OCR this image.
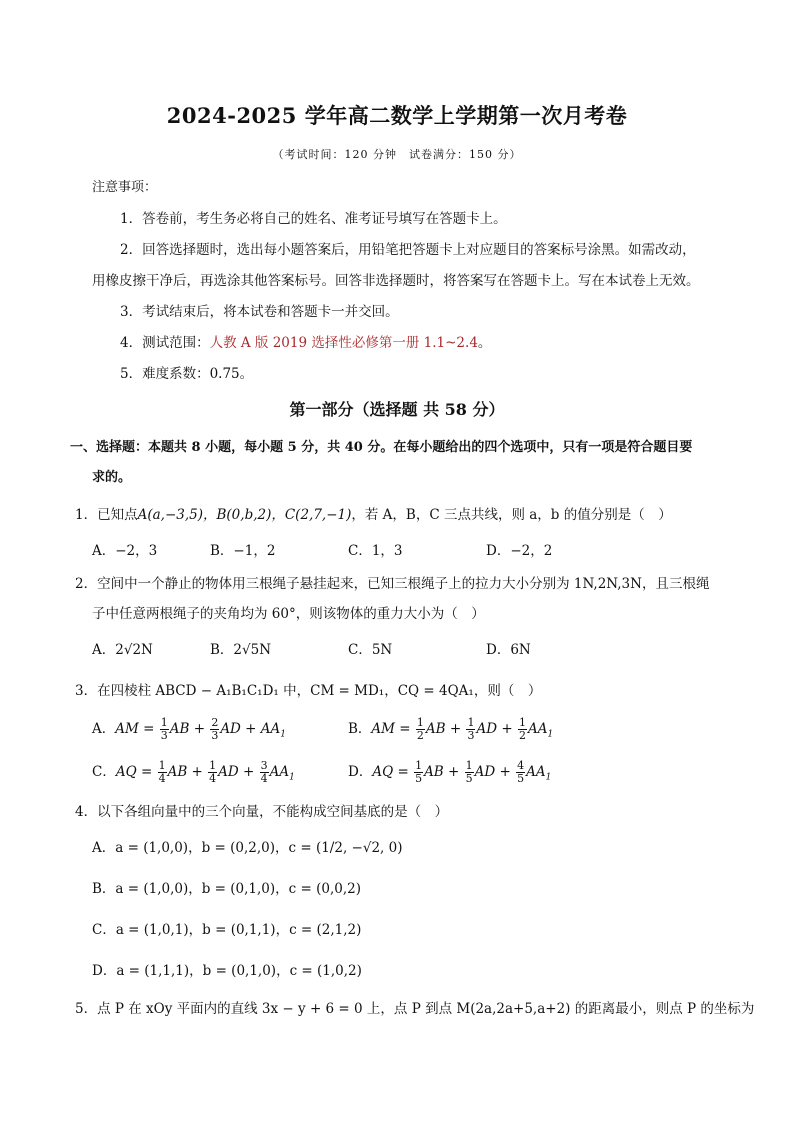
2024-2025 学年高二数学上学期第一次月考卷
（考试时间：120 分钟　试卷满分：150 分）
注意事项：
1．答卷前，考生务必将自己的姓名、准考证号填写在答题卡上。
2．回答选择题时，选出每小题答案后，用铅笔把答题卡上对应题目的答案标号涂黑。如需改动，
用橡皮擦干净后，再选涂其他答案标号。回答非选择题时，将答案写在答题卡上。写在本试卷上无效。
3．考试结束后，将本试卷和答题卡一并交回。
4．测试范围：人教 A 版 2019 选择性必修第一册 1.1~2.4。
5．难度系数：0.75。
第一部分（选择题 共 58 分）
一、选择题：本题共 8 小题，每小题 5 分，共 40 分。在每小题给出的四个选项中，只有一项是符合题目要
求的。
1．已知点A(a,−3,5)，B(0,b,2)，C(2,7,−1)，若 A，B，C 三点共线，则 a，b 的值分别是（　）
A．−2，3	B．−1，2	C．1，3	D．−2，2
2．空间中一个静止的物体用三根绳子悬挂起来，已知三根绳子上的拉力大小分别为 1N,2N,3N，且三根绳
子中任意两根绳子的夹角均为 60°，则该物体的重力大小为（　）
A．2√2N	B．2√5N	C．5N	D．6N
3．在四棱柱 ABCD − A₁B₁C₁D₁ 中，CM = MD₁，CQ = 4QA₁，则（　）
A．AM = $\frac{1}{3}$ AB + $\frac{2}{3}$ AD + $AA_1$	B．AM = $\frac{1}{2}$ AB + $\frac{1}{3}$ AD + $\frac{1}{2} AA_1$
C．AQ = $\frac{1}{4}$ AB + $\frac{1}{4}$ AD + $\frac{3}{4} AA_1$	D．AQ = $\frac{1}{5}$ AB + $\frac{1}{5}$ AD + $\frac{4}{5} AA_1$
4．以下各组向量中的三个向量，不能构成空间基底的是（　）
A．a = (1,0,0)，b = (0,2,0)，c = (1/2, −√2, 0)
B．a = (1,0,0)，b = (0,1,0)，c = (0,0,2)
C．a = (1,0,1)，b = (0,1,1)，c = (2,1,2)
D．a = (1,1,1)，b = (0,1,0)，c = (1,0,2)
5．点 P 在 xOy 平面内的直线 3x − y + 6 = 0 上，点 P 到点 M(2a,2a+5,a+2) 的距离最小，则点 P 的坐标为
